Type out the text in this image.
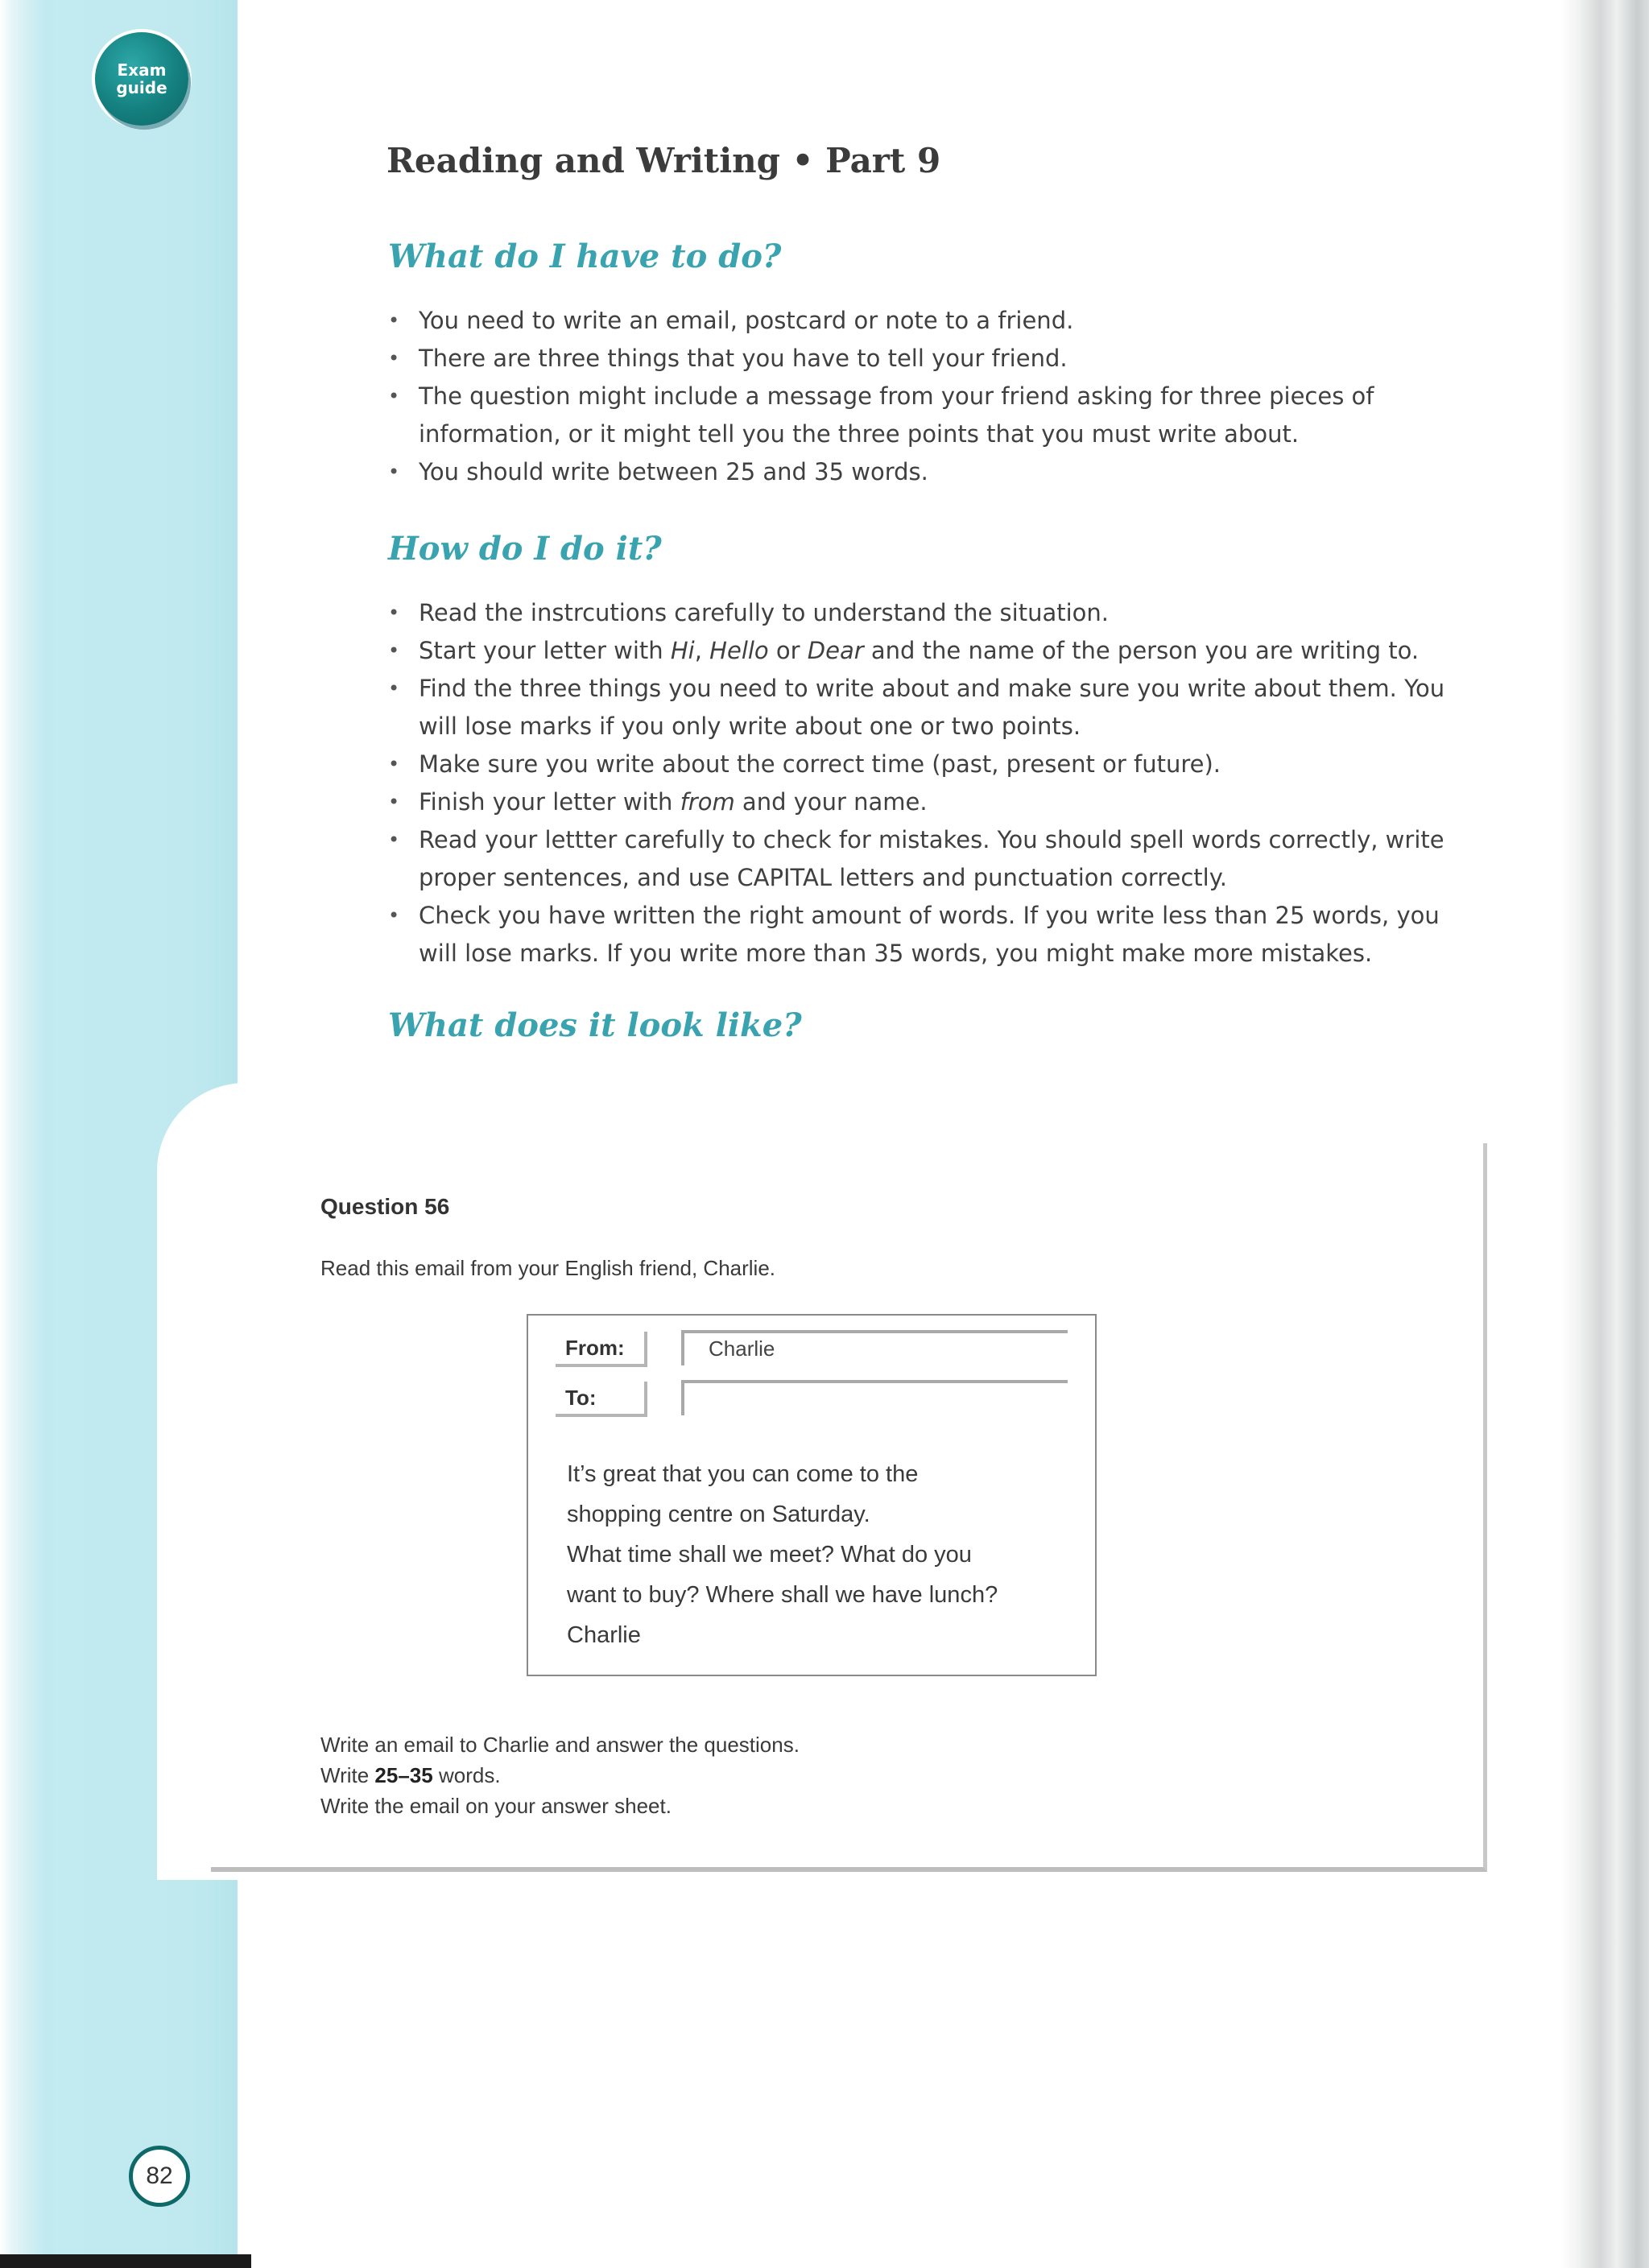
Exam
guide
Reading and Writing • Part 9
What do I have to do?
• You need to write an email, postcard or note to a friend.
• There are three things that you have to tell your friend.
• The question might include a message from your friend asking for three pieces of information, or it might tell you the three points that you must write about.
• You should write between 25 and 35 words.
How do I do it?
• Read the instrcutions carefully to understand the situation.
• Start your letter with Hi, Hello or Dear and the name of the person you are writing to.
• Find the three things you need to write about and make sure you write about them. You will lose marks if you only write about one or two points.
• Make sure you write about the correct time (past, present or future).
• Finish your letter with from and your name.
• Read your lettter carefully to check for mistakes. You should spell words correctly, write proper sentences, and use CAPITAL letters and punctuation correctly.
• Check you have written the right amount of words. If you write less than 25 words, you will lose marks. If you write more than 35 words, you might make more mistakes.
What does it look like?

Question 56

Read this email from your English friend, Charlie.

From:	Charlie
To:

It’s great that you can come to the
shopping centre on Saturday.
What time shall we meet? What do you
want to buy? Where shall we have lunch?
Charlie

Write an email to Charlie and answer the questions.
Write 25–35 words.
Write the email on your answer sheet.

82
